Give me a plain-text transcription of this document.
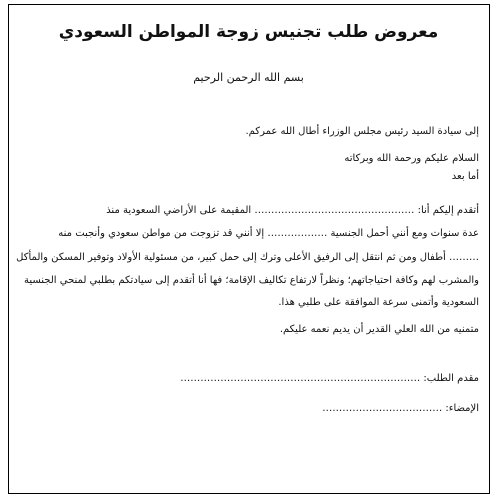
معروض طلب تجنيس زوجة المواطن السعودي
بسم الله الرحمن الرحيم
إلى سيادة السيد رئيس مجلس الوزراء أطال الله عمركم.
السلام عليكم ورحمة الله وبركاته
أما بعد
أتقدم إليكم أنا: ………………………………………… المقيمة على الأراضي السعودية منذ
عدة سنوات ومع أنني أحمل الجنسية ……………… إلا أنني قد تزوجت من مواطن سعودي وأنجبت منه
……… أطفال ومن ثم انتقل إلى الرفيق الأعلى وترك إلى حمل كبير، من مسئولية الأولاد وتوفير المسكن والمأكل
والمشرب لهم وكافة احتياجاتهم؛ ونظراً لارتفاع تكاليف الإقامة؛ فها أنا أتقدم إلى سيادتكم بطلبي لمنحي الجنسية
السعودية وأتمنى سرعة الموافقة على طلبي هذا.
متمنيه من الله العلي القدير أن يديم نعمه عليكم.
مقدم الطلب: ………………………………………………………………
الإمضاء: ………………………………
